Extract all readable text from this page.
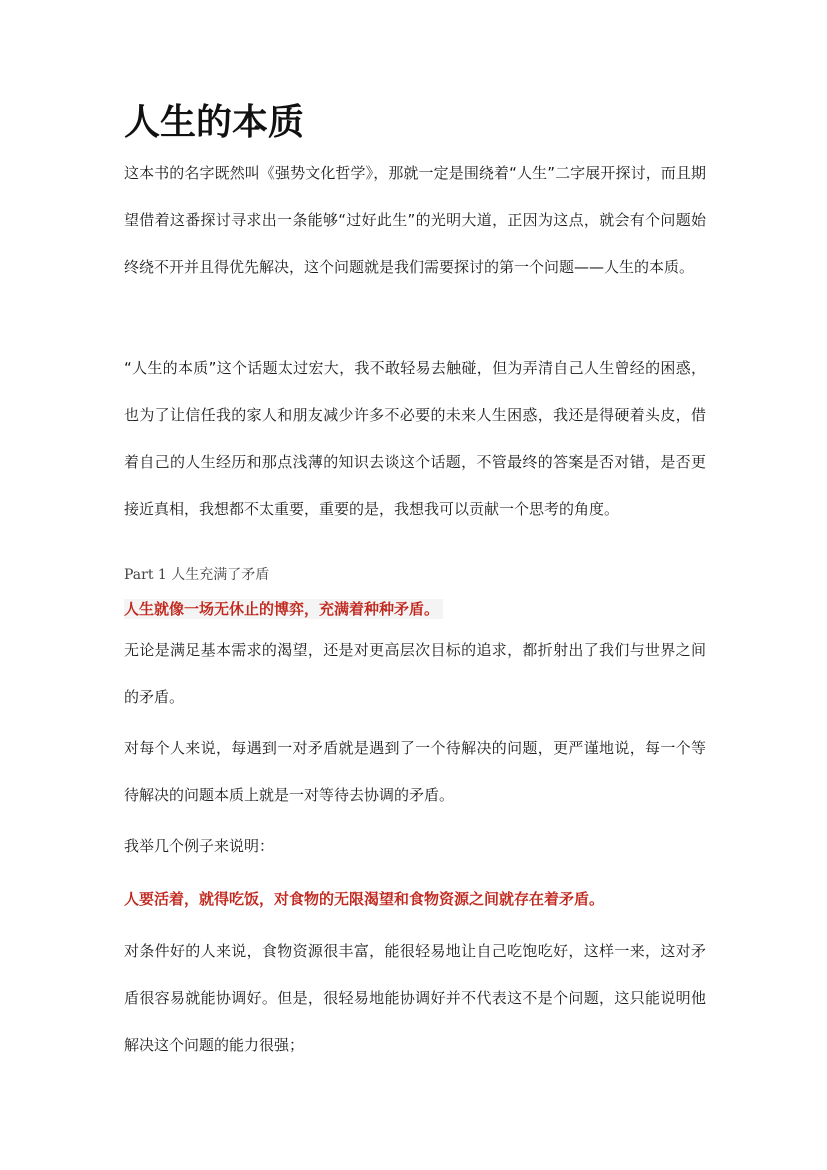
人生的本质

这本书的名字既然叫《强势文化哲学》，那就一定是围绕着“人生”二字展开探讨，而且期望借着这番探讨寻求出一条能够“过好此生”的光明大道，正因为这点，就会有个问题始终绕不开并且得优先解决，这个问题就是我们需要探讨的第一个问题——人生的本质。

“人生的本质”这个话题太过宏大，我不敢轻易去触碰，但为弄清自己人生曾经的困惑，也为了让信任我的家人和朋友减少许多不必要的未来人生困惑，我还是得硬着头皮，借着自己的人生经历和那点浅薄的知识去谈这个话题，不管最终的答案是否对错，是否更接近真相，我想都不太重要，重要的是，我想我可以贡献一个思考的角度。

Part 1 人生充满了矛盾
人生就像一场无休止的博弈，充满着种种矛盾。

无论是满足基本需求的渴望，还是对更高层次目标的追求，都折射出了我们与世界之间的矛盾。

对每个人来说，每遇到一对矛盾就是遇到了一个待解决的问题，更严谨地说，每一个等待解决的问题本质上就是一对等待去协调的矛盾。

我举几个例子来说明：

人要活着，就得吃饭，对食物的无限渴望和食物资源之间就存在着矛盾。

对条件好的人来说，食物资源很丰富，能很轻易地让自己吃饱吃好，这样一来，这对矛盾很容易就能协调好。但是，很轻易地能协调好并不代表这不是个问题，这只能说明他解决这个问题的能力很强；
